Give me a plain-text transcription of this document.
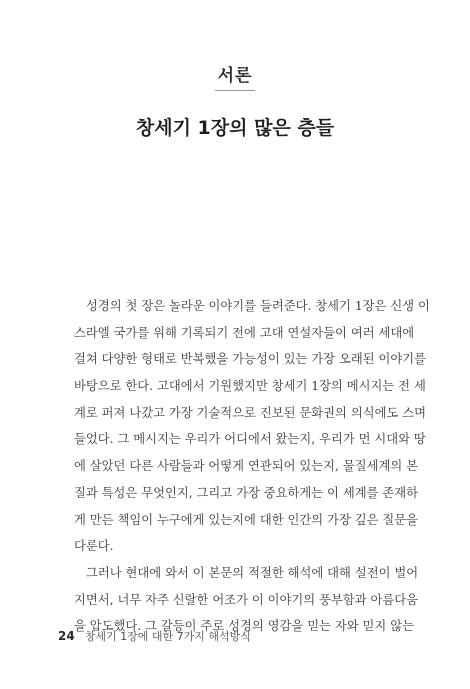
서론
창세기 1장의 많은 층들
성경의 첫 장은 놀라운 이야기를 들려준다. 창세기 1장은 신생 이
스라엘 국가를 위해 기록되기 전에 고대 연설자들이 여러 세대에
걸쳐 다양한 형태로 반복했을 가능성이 있는 가장 오래된 이야기를
바탕으로 한다. 고대에서 기원했지만 창세기 1장의 메시지는 전 세
계로 퍼져 나갔고 가장 기술적으로 진보된 문화권의 의식에도 스며
들었다. 그 메시지는 우리가 어디에서 왔는지, 우리가 먼 시대와 땅
에 살았던 다른 사람들과 어떻게 연관되어 있는지, 물질세계의 본
질과 특성은 무엇인지, 그리고 가장 중요하게는 이 세계를 존재하
게 만든 책임이 누구에게 있는지에 대한 인간의 가장 깊은 질문을
다룬다.
그러나 현대에 와서 이 본문의 적절한 해석에 대해 설전이 벌어
지면서, 너무 자주 신랄한 어조가 이 이야기의 풍부함과 아름다움
을 압도했다. 그 갈등이 주로 성경의 영감을 믿는 자와 믿지 않는
24 창세기 1장에 대한 7가지 해석방식
